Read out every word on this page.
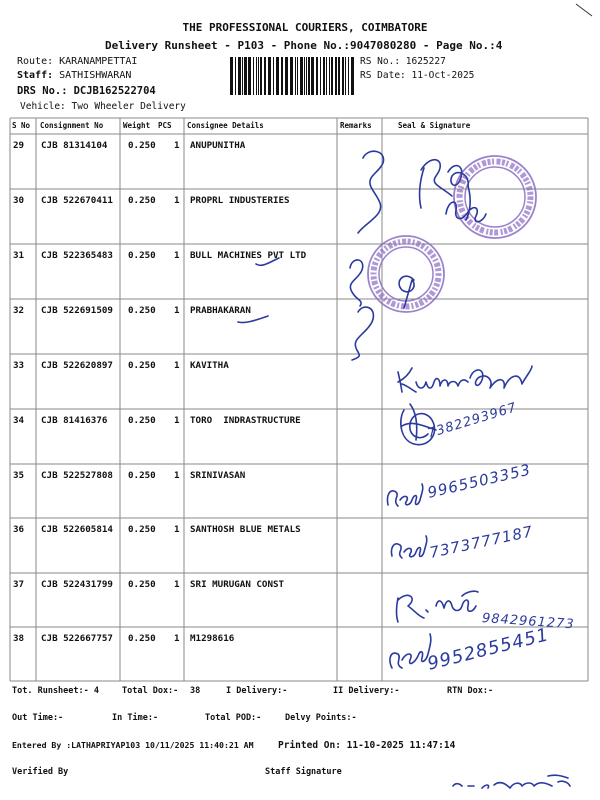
THE PROFESSIONAL COURIERS, COIMBATORE
Delivery Runsheet - P103 - Phone No.:9047080280 - Page No.:4
Route: KARANAMPETTAI
Staff: SATHISHWARAN
DRS No.: DCJB162522704
Vehicle: Two Wheeler Delivery
RS No.: 1625227
RS Date: 11-Oct-2025
S No Consignment No	Weight PCS Consignee Details	Remarks	Seal & Signature
29 CJB 81314104 0.250 1 ANUPUNITHA
30 CJB 522670411 0.250 1 PROPRL INDUSTERIES
31 CJB 522365483 0.250 1 BULL MACHINES PVT LTD
32 CJB 522691509 0.250 1 PRABHAKARAN
33 CJB 522620897 0.250 1 KAVITHA
34 CJB 81416376 0.250 1 TORO  INDRASTRUCTURE
35 CJB 522527808 0.250 1 SRINIVASAN
36 CJB 522605814 0.250 1 SANTHOSH BLUE METALS
37 CJB 522431799 0.250 1 SRI MURUGAN CONST
38 CJB 522667757 0.250 1 M1298616
Tot. Runsheet:- 4	Total Dox:- 38	I Delivery:-	II Delivery:-	RTN Dox:-
Out Time:-	In Time:-	Total POD:-	Delvy Points:-
Entered By :LATHAPRIYAP103 10/11/2025 11:40:21 AM	Printed On: 11-10-2025 11:47:14
Verified By	Staff Signature
7382293967
9965503353
7373777187
9842961273
9952855451
